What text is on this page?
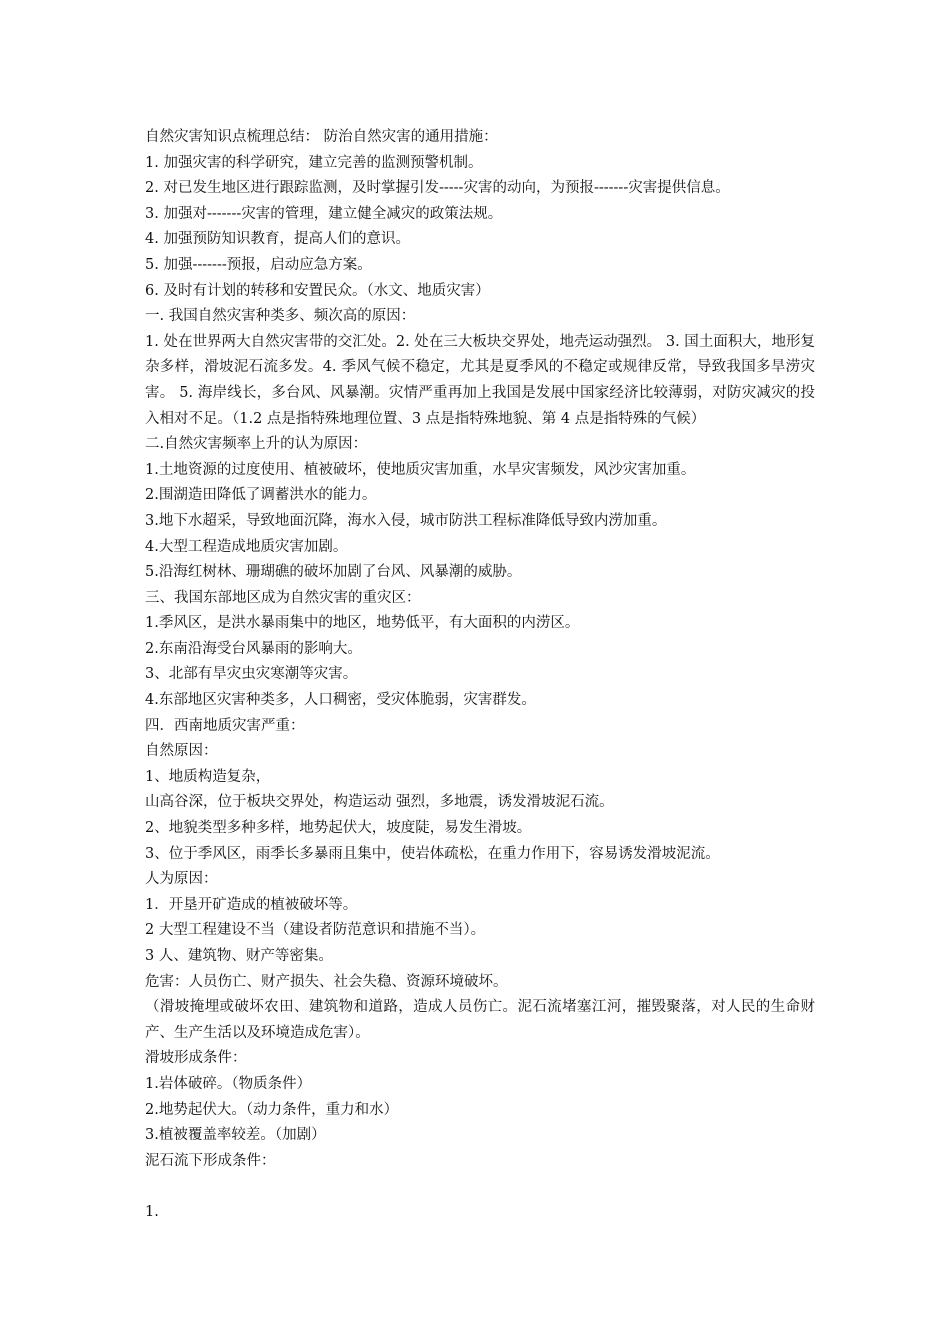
自然灾害知识点梳理总结： 防治自然灾害的通用措施：
1. 加强灾害的科学研究，建立完善的监测预警机制。
2. 对已发生地区进行跟踪监测，及时掌握引发-----灾害的动向，为预报-------灾害提供信息。
3. 加强对-------灾害的管理，建立健全减灾的政策法规。
4. 加强预防知识教育，提高人们的意识。
5. 加强-------预报，启动应急方案。
6. 及时有计划的转移和安置民众。（水文、地质灾害）
一. 我国自然灾害种类多、频次高的原因：
1. 处在世界两大自然灾害带的交汇处。2. 处在三大板块交界处，地壳运动强烈。 3. 国土面积大，地形复杂多样，滑坡泥石流多发。4. 季风气候不稳定，尤其是夏季风的不稳定或规律反常，导致我国多旱涝灾害。 5. 海岸线长，多台风、风暴潮。灾情严重再加上我国是发展中国家经济比较薄弱，对防灾减灾的投入相对不足。（1.2 点是指特殊地理位置、3 点是指特殊地貌、第 4 点是指特殊的气候）
二.自然灾害频率上升的认为原因：
1.土地资源的过度使用、植被破坏，使地质灾害加重，水旱灾害频发，风沙灾害加重。
2.围湖造田降低了调蓄洪水的能力。
3.地下水超采，导致地面沉降，海水入侵，城市防洪工程标准降低导致内涝加重。
4.大型工程造成地质灾害加剧。
5.沿海红树林、珊瑚礁的破坏加剧了台风、风暴潮的威胁。
三、我国东部地区成为自然灾害的重灾区：
1.季风区，是洪水暴雨集中的地区，地势低平，有大面积的内涝区。
2.东南沿海受台风暴雨的影响大。
3、北部有旱灾虫灾寒潮等灾害。
4.东部地区灾害种类多，人口稠密，受灾体脆弱，灾害群发。
四．西南地质灾害严重：
自然原因：
1、地质构造复杂，
山高谷深，位于板块交界处，构造运动 强烈，多地震，诱发滑坡泥石流。
2、地貌类型多种多样，地势起伏大，坡度陡，易发生滑坡。
3、位于季风区，雨季长多暴雨且集中，使岩体疏松，在重力作用下，容易诱发滑坡泥流。
人为原因：
1．开垦开矿造成的植被破坏等。
2 大型工程建设不当（建设者防范意识和措施不当）。
3 人、建筑物、财产等密集。
危害：人员伤亡、财产损失、社会失稳、资源环境破坏。
（滑坡掩埋或破坏农田、建筑物和道路，造成人员伤亡。泥石流堵塞江河，摧毁聚落，对人民的生命财产、生产生活以及环境造成危害）。
滑坡形成条件：
1.岩体破碎。（物质条件）
2.地势起伏大。（动力条件，重力和水）
3.植被覆盖率较差。（加剧）
泥石流下形成条件：
1.
